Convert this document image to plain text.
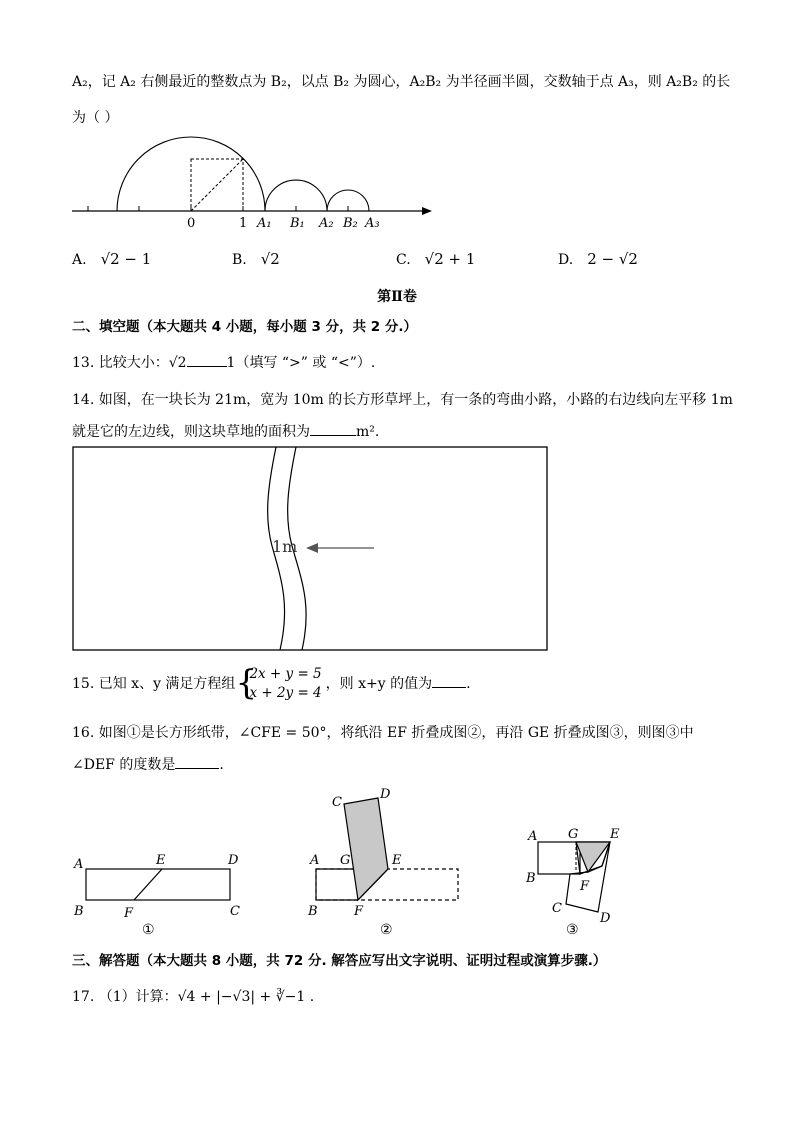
A₂，记 A₂ 右侧最近的整数点为 B₂，以点 B₂ 为圆心，A₂B₂ 为半径画半圆，交数轴于点 A₃，则 A₂B₂ 的长
为（ ）
0	1 A₁ B₁ A₂ B₂ A₃
A. √2 − 1	B. √2	C. √2 + 1	D. 2 − √2
第Ⅱ卷
二、填空题（本大题共 4 小题，每小题 3 分，共 2 分.）
13. 比较大小：√2	1（填写 “>” 或 “<”）.
14. 如图，在一块长为 21m，宽为 10m 的长方形草坪上，有一条的弯曲小路，小路的右边线向左平移 1m
就是它的左边线，则这块草地的面积为	m².
1m
15. 已知 x、y 满足方程组 {
2x + y = 5
x + 2y = 4
，则 x+y 的值为 .
16. 如图①是长方形纸带，∠CFE = 50°，将纸沿 EF 折叠成图②，再沿 GE 折叠成图③，则图③中
∠DEF 的度数是	.
A	E	D
B	F	C
①
C
D
A G	E
B	F
②
A G E
B
F
C
D
③
三、解答题（本大题共 8 小题，共 72 分. 解答应写出文字说明、证明过程或演算步骤.）
17. （1）计算：√4 + |−√3| + ∛−1 .
